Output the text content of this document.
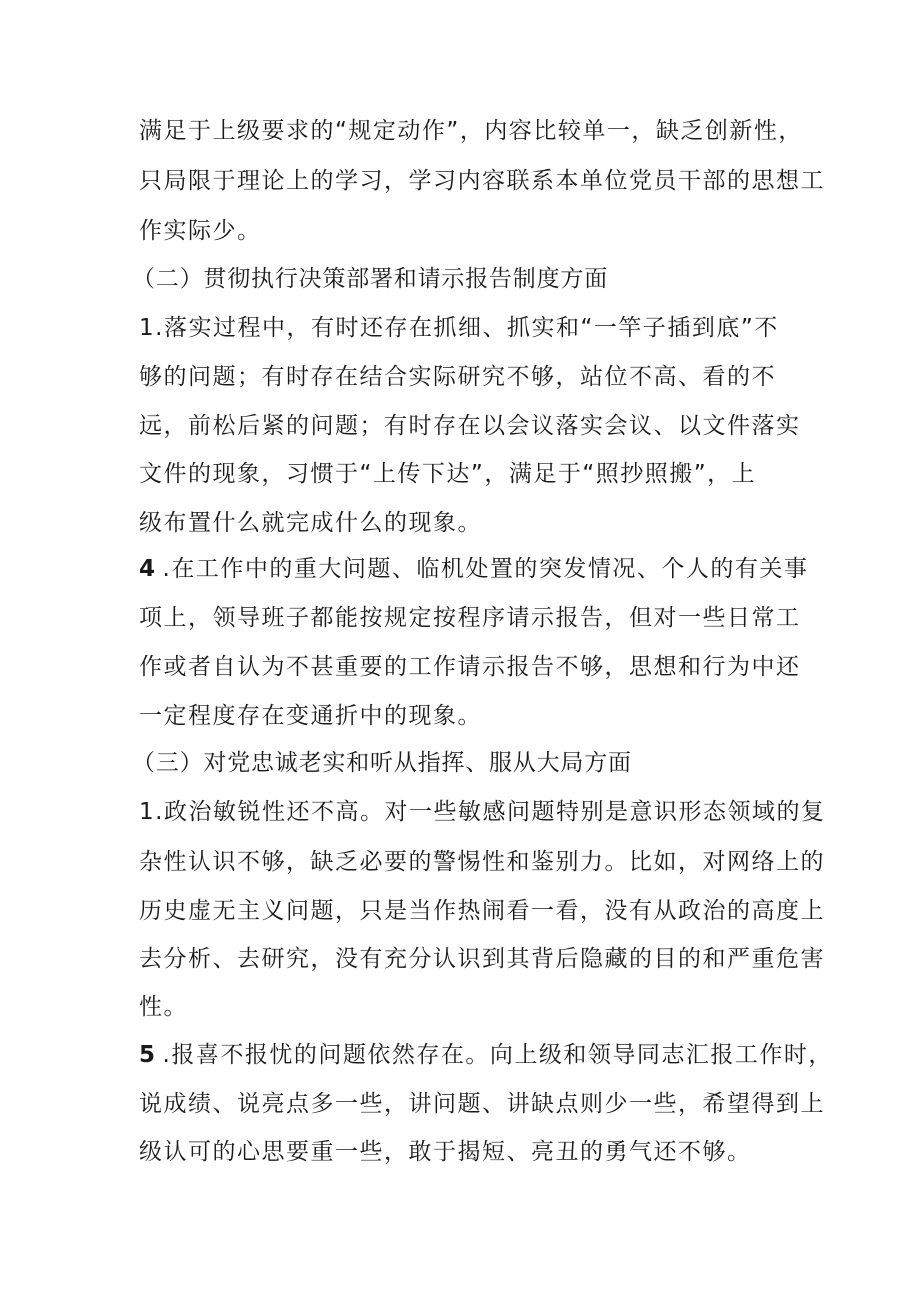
满足于上级要求的“规定动作”，内容比较单一，缺乏创新性，
只局限于理论上的学习，学习内容联系本单位党员干部的思想工
作实际少。
（二）贯彻执行决策部署和请示报告制度方面
1.落实过程中，有时还存在抓细、抓实和“一竿子插到底”不
够的问题；有时存在结合实际研究不够，站位不高、看的不
远，前松后紧的问题；有时存在以会议落实会议、以文件落实
文件的现象，习惯于“上传下达”，满足于“照抄照搬”，上
级布置什么就完成什么的现象。
4 .在工作中的重大问题、临机处置的突发情况、个人的有关事
项上，领导班子都能按规定按程序请示报告，但对一些日常工
作或者自认为不甚重要的工作请示报告不够，思想和行为中还
一定程度存在变通折中的现象。
（三）对党忠诚老实和听从指挥、服从大局方面
1.政治敏锐性还不高。对一些敏感问题特别是意识形态领域的复
杂性认识不够，缺乏必要的警惕性和鉴别力。比如，对网络上的
历史虚无主义问题，只是当作热闹看一看，没有从政治的高度上
去分析、去研究，没有充分认识到其背后隐藏的目的和严重危害
性。
5 .报喜不报忧的问题依然存在。向上级和领导同志汇报工作时，
说成绩、说亮点多一些，讲问题、讲缺点则少一些，希望得到上
级认可的心思要重一些，敢于揭短、亮丑的勇气还不够。
